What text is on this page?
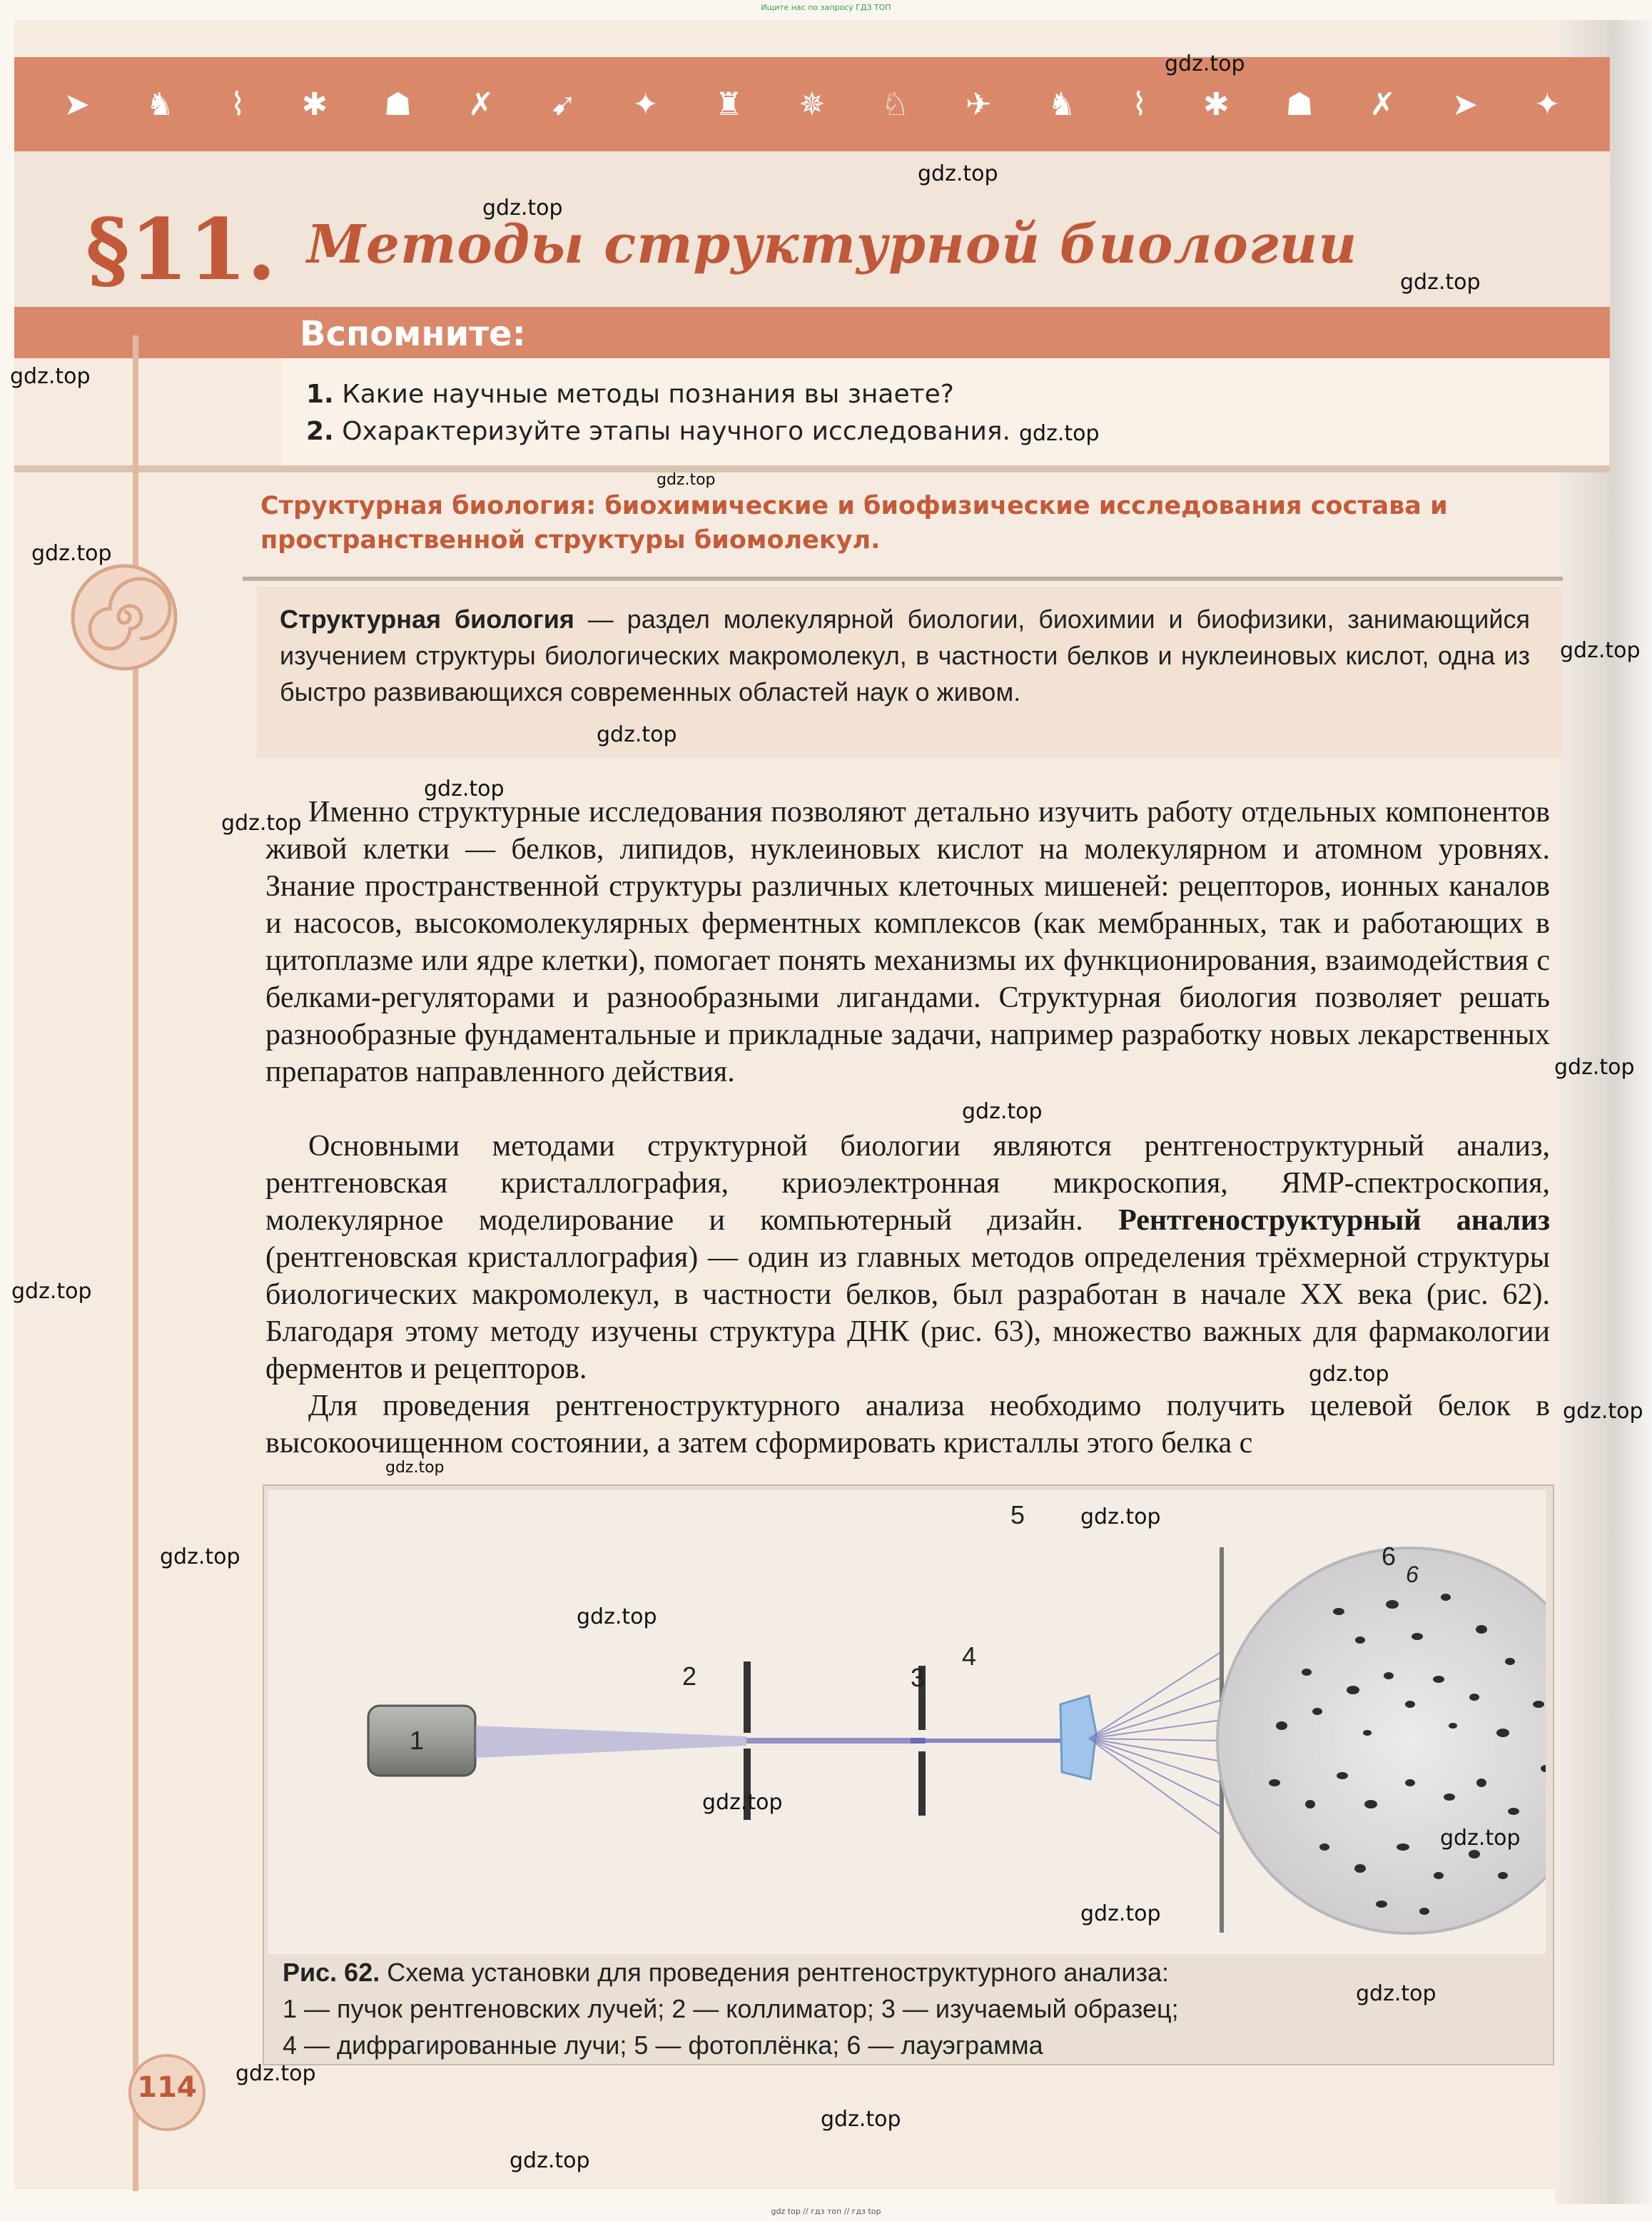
Ищите нас по запросу ГДЗ ТОП
➤ ♞ ⌇ ✱ ☗ ✗ ➹ ✦ ♜ ✵ ♘ ✈ ♞ ⌇ ✱ ☗ ✗ ➤ ✦
§11. Методы структурной биологии
Вспомните:
1. Какие научные методы познания вы знаете?
2. Охарактеризуйте этапы научного исследования.
Структурная биология: биохимические и биофизические исследования состава и пространственной структуры биомолекул.
Структурная биология — раздел молекулярной биологии, биохимии и биофизики, занимающийся изучением структуры биологических макромолекул, в частности белков и нуклеиновых кислот, одна из быстро развивающихся современных областей наук о живом.

Именно структурные исследования позволяют детально изучить работу отдельных компонентов живой клетки — белков, липидов, нуклеиновых кислот на молекулярном и атомном уровнях. Знание пространственной структуры различных клеточных мишеней: рецепторов, ионных каналов и насосов, высокомолекулярных ферментных комплексов (как мембранных, так и работающих в цитоплазме или ядре клетки), помогает понять механизмы их функционирования, взаимодействия с белками-регуляторами и разнообразными лигандами. Структурная биология позволяет решать разнообразные фундаментальные и прикладные задачи, например разработку новых лекарственных препаратов направленного действия.

Основными методами структурной биологии являются рентгеноструктурный анализ, рентгеновская кристаллография, криоэлектронная микроскопия, ЯМР-спектроскопия, молекулярное моделирование и компьютерный дизайн. Рентгеноструктурный анализ (рентгеновская кристаллография) — один из главных методов определения трёхмерной структуры биологических макромолекул, в частности белков, был разработан в начале XX века (рис. 62). Благодаря этому методу изучены структура ДНК (рис. 63), множество важных для фармакологии ферментов и рецепторов.

Для проведения рентгеноструктурного анализа необходимо получить целевой белок в высокоочищенном состоянии, а затем сформировать кристаллы этого белка с

1
2	3
4
5
6
6
Рис. 62. Схема установки для проведения рентгеноструктурного анализа:
1 — пучок рентгеновских лучей; 2 — коллиматор; 3 — изучаемый образец;
4 — дифрагированные лучи; 5 — фотоплёнка; 6 — лауэграмма
114
gdz.top
gdz.top
gdz.top
gdz.top
gdz.top
gdz.top
gdz.top
gdz.top
gdz.top
gdz.top
gdz.top
gdz.top
gdz.top
gdz.top
gdz.top
gdz.top
gdz.top
gdz.top
gdz.top
gdz.top
gdz.top
gdz.top
gdz.top
gdz.top
gdz.top
gdz.top
gdz.top
gdz.top
gdz top // гдз топ // гдз top
